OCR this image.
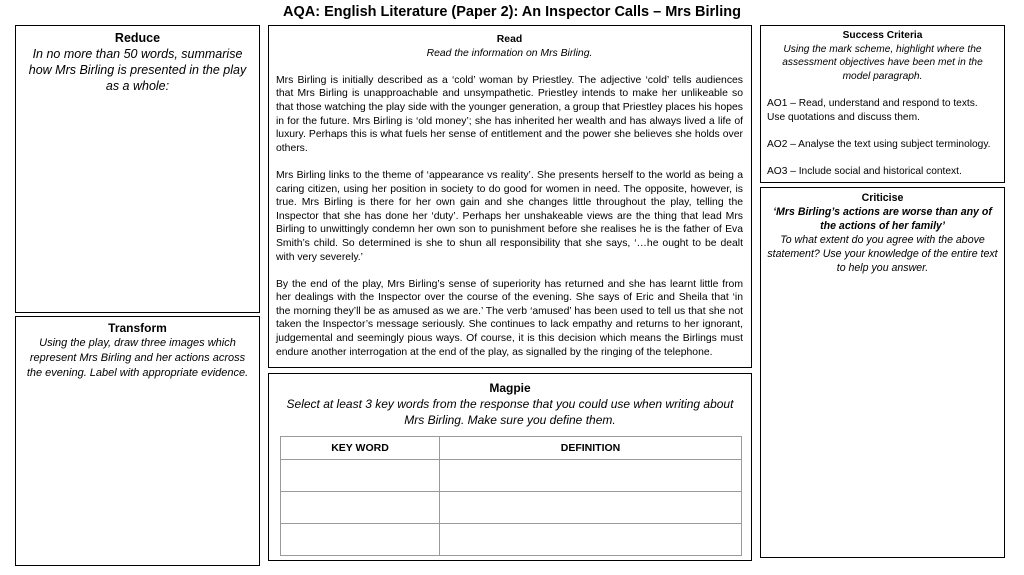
AQA: English Literature (Paper 2): An Inspector Calls – Mrs Birling
Reduce
In no more than 50 words, summarise how Mrs Birling is presented in the play as a whole:
Transform
Using the play, draw three images which represent Mrs Birling and her actions across the evening. Label with appropriate evidence.
Read
Read the information on Mrs Birling.

Mrs Birling is initially described as a ‘cold’ woman by Priestley. The adjective ‘cold’ tells audiences that Mrs Birling is unapproachable and unsympathetic. Priestley intends to make her unlikeable so that those watching the play side with the younger generation, a group that Priestley places his hopes in for the future. Mrs Birling is ‘old money’; she has inherited her wealth and has always lived a life of luxury. Perhaps this is what fuels her sense of entitlement and the power she believes she holds over others.

Mrs Birling links to the theme of ‘appearance vs reality’. She presents herself to the world as being a caring citizen, using her position in society to do good for women in need. The opposite, however, is true. Mrs Birling is there for her own gain and she changes little throughout the play, telling the Inspector that she has done her ‘duty’. Perhaps her unshakeable views are the thing that lead Mrs Birling to unwittingly condemn her own son to punishment before she realises he is the father of Eva Smith’s child. So determined is she to shun all responsibility that she says, ‘…he ought to be dealt with very severely.’

By the end of the play, Mrs Birling’s sense of superiority has returned and she has learnt little from her dealings with the Inspector over the course of the evening. She says of Eric and Sheila that ‘in the morning they’ll be as amused as we are.’ The verb ‘amused’ has been used to tell us that she not taken the Inspector’s message seriously. She continues to lack empathy and returns to her ignorant, judgemental and seemingly pious ways. Of course, it is this decision which means the Birlings must endure another interrogation at the end of the play, as signalled by the ringing of the telephone.

Magpie
Select at least 3 key words from the response that you could use when writing about Mrs Birling. Make sure you define them.
KEY WORD	DEFINITION

Success Criteria

Using the mark scheme, highlight where the assessment objectives have been met in the model paragraph.

AO1 – Read, understand and respond to texts. Use quotations and discuss them.

AO2 – Analyse the text using subject terminology.

AO3 – Include social and historical context.

Criticise
‘Mrs Birling’s actions are worse than any of the actions of her family’
To what extent do you agree with the above statement? Use your knowledge of the entire text to help you answer.
